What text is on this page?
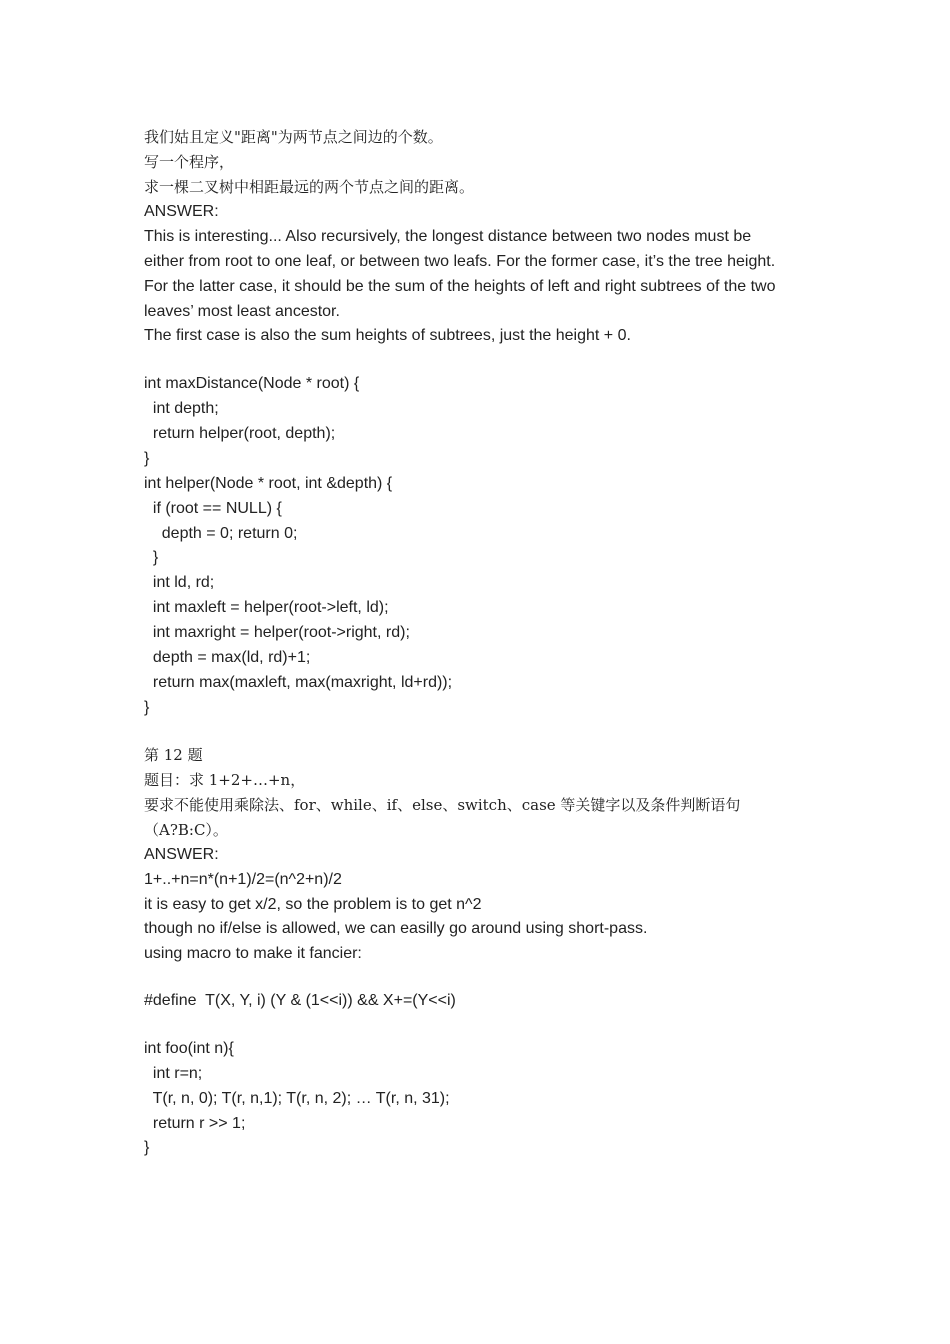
我们姑且定义"距离"为两节点之间边的个数。
写一个程序，
求一棵二叉树中相距最远的两个节点之间的距离。
ANSWER:
This is interesting... Also recursively, the longest distance between two nodes must be
either from root to one leaf, or between two leafs. For the former case, it’s the tree height.
For the latter case, it should be the sum of the heights of left and right subtrees of the two
leaves’ most least ancestor.
The first case is also the sum heights of subtrees, just the height + 0.
int maxDistance(Node * root) {
int depth;
return helper(root, depth);
}
int helper(Node * root, int &depth) {
if (root == NULL) {
depth = 0; return 0;
}
int ld, rd;
int maxleft = helper(root->left, ld);
int maxright = helper(root->right, rd);
depth = max(ld, rd)+1;
return max(maxleft, max(maxright, ld+rd));
}
第 12 题
题目：求 1+2+…+n，
要求不能使用乘除法、for、while、if、else、switch、case 等关键字以及条件判断语句
（A?B:C）。
ANSWER:
1+..+n=n*(n+1)/2=(n^2+n)/2
it is easy to get x/2, so the problem is to get n^2
though no if/else is allowed, we can easilly go around using short-pass.
using macro to make it fancier:
#define  T(X, Y, i) (Y & (1<<i)) && X+=(Y<<i)
int foo(int n){
int r=n;
T(r, n, 0); T(r, n,1); T(r, n, 2); … T(r, n, 31);
return r >> 1;
}
